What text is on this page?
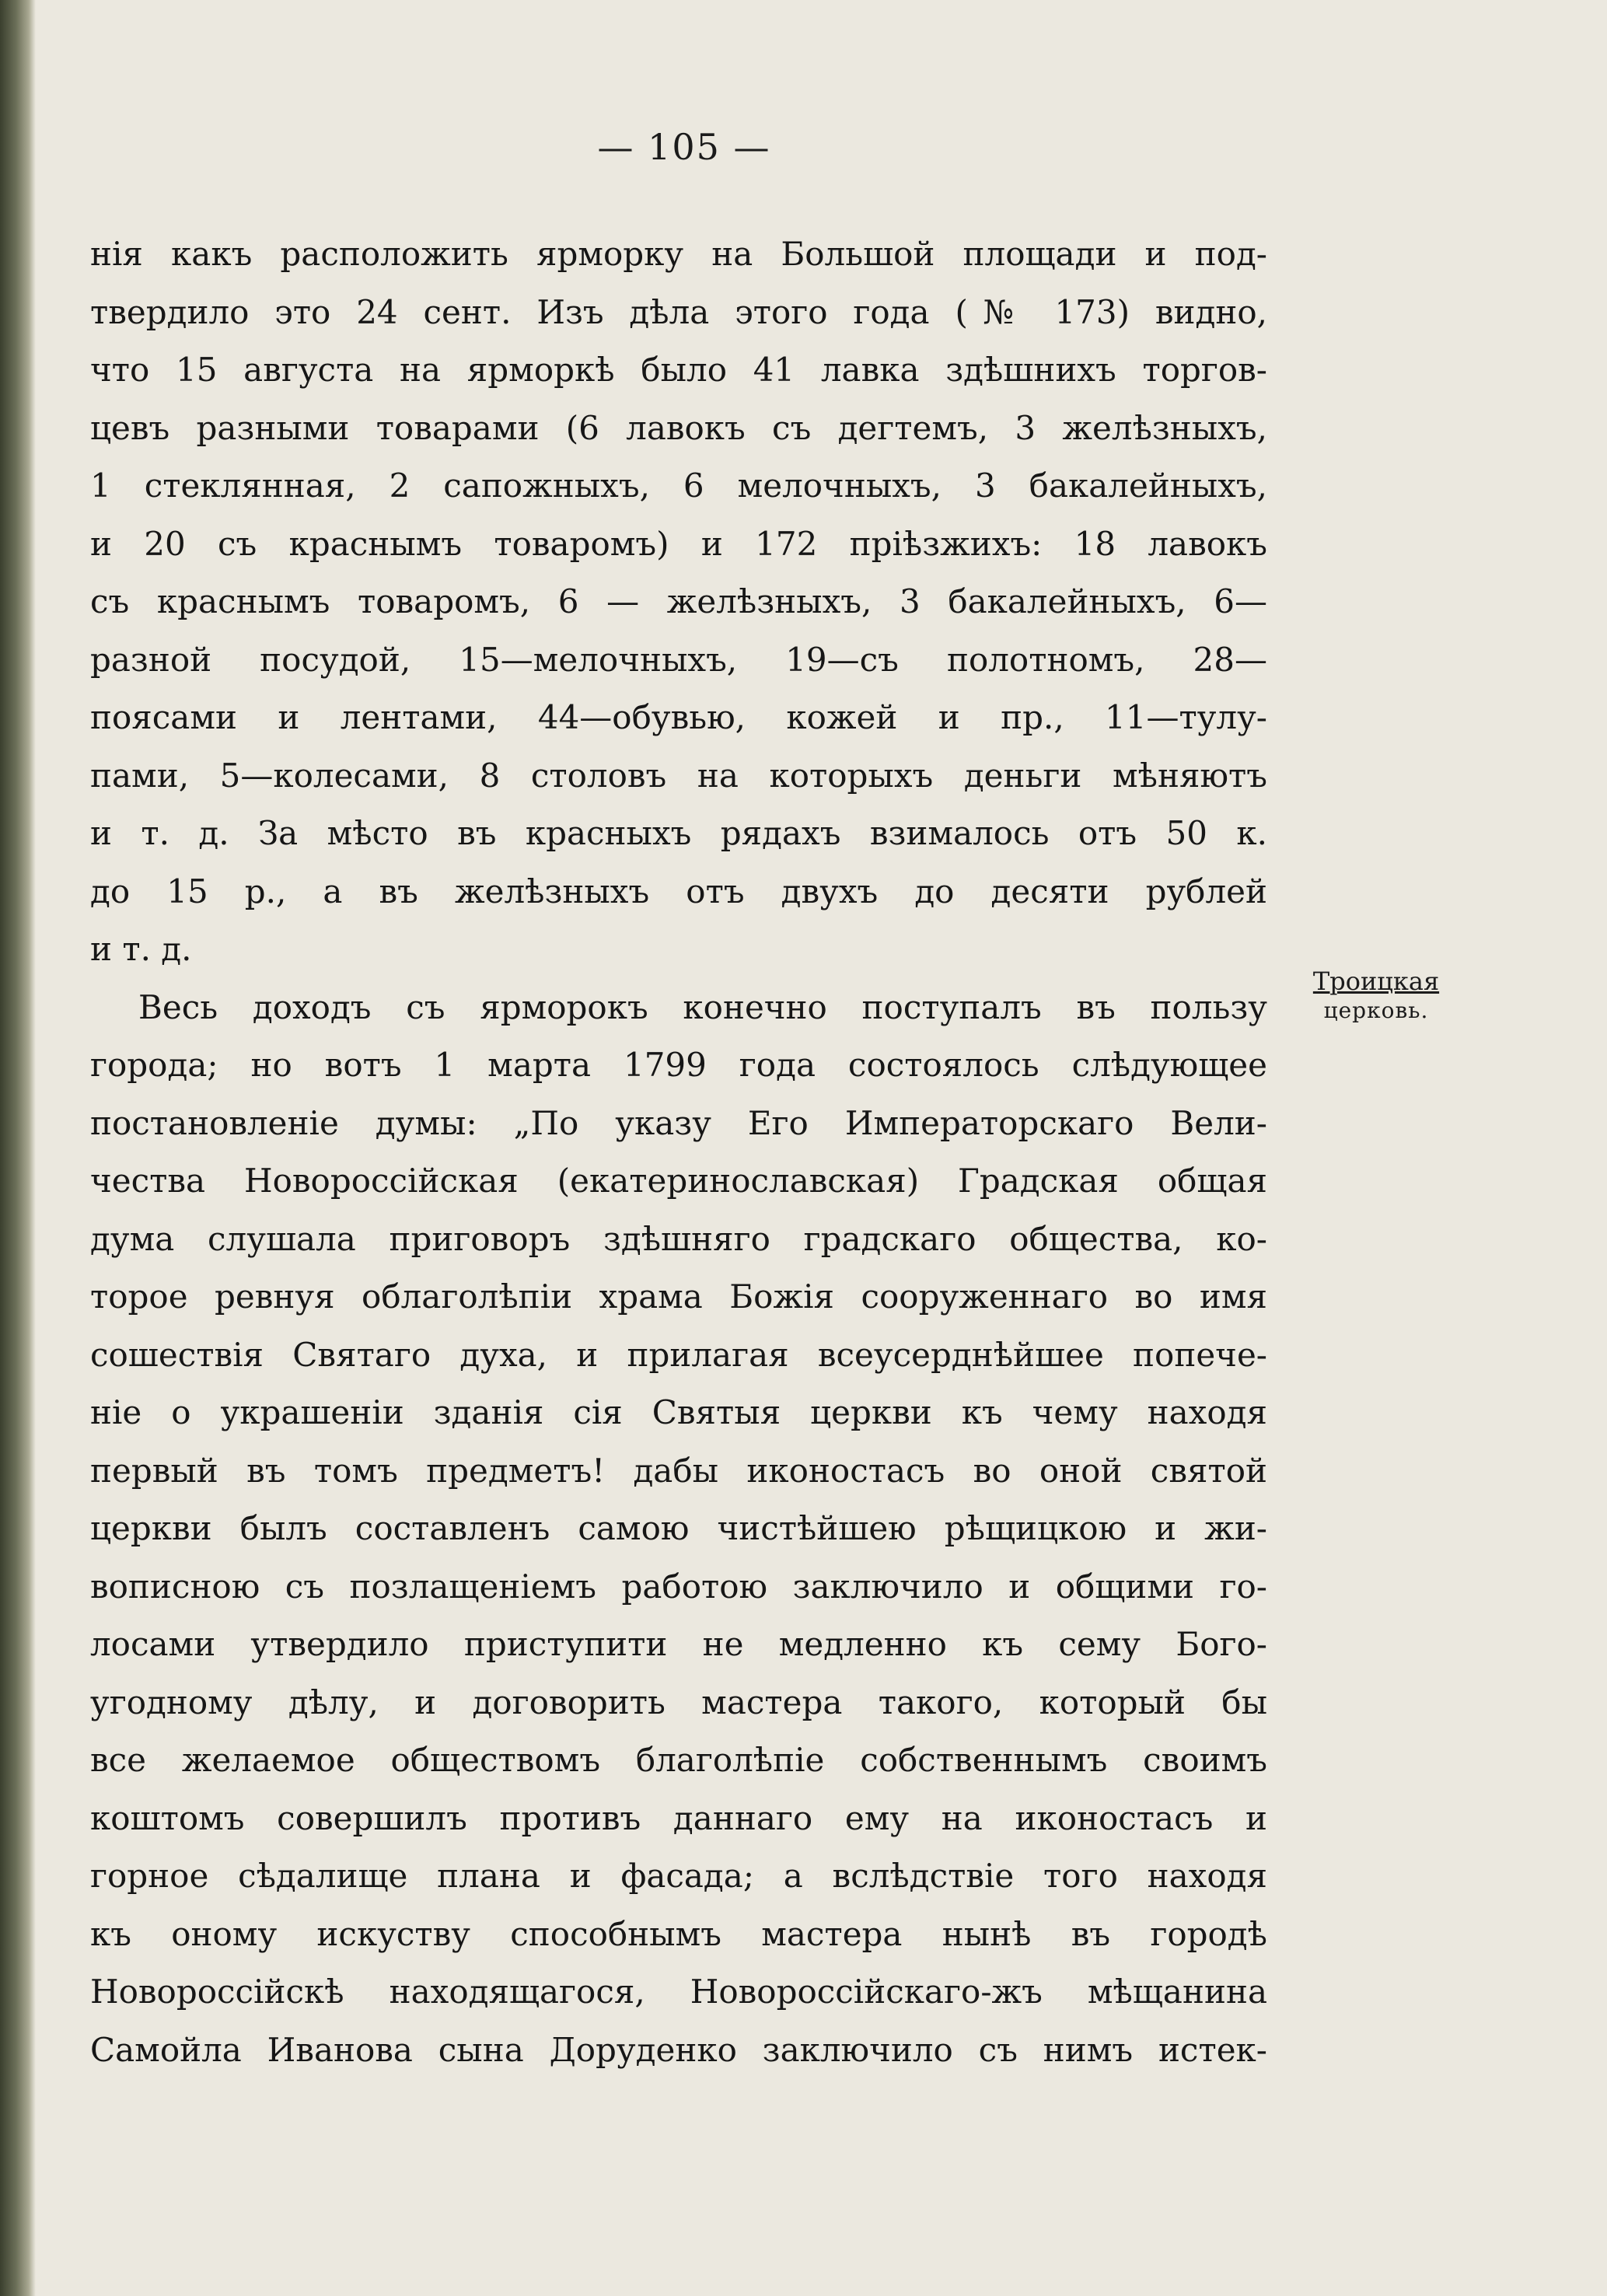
— 105 —
Троицкая
церковь.
нія какъ расположить ярморку на Большой площади и под-
твердило это 24 сент. Изъ дѣла этого года (№ 173) видно,
что 15 августа на ярморкѣ было 41 лавка здѣшнихъ торгов-
цевъ разными товарами (6 лавокъ съ дегтемъ, 3 желѣзныхъ,
1 стеклянная, 2 сапожныхъ, 6 мелочныхъ, 3 бакалейныхъ,
и 20 съ краснымъ товаромъ) и 172 пріѣзжихъ: 18 лавокъ
съ краснымъ товаромъ, 6 — желѣзныхъ, 3 бакалейныхъ, 6—
разной посудой, 15—мелочныхъ, 19—съ полотномъ, 28—
поясами и лентами, 44—обувью, кожей и пр., 11—тулу-
пами, 5—колесами, 8 столовъ на которыхъ деньги мѣняютъ
и т. д. За мѣсто въ красныхъ рядахъ взималось отъ 50 к.
до 15 р., а въ желѣзныхъ отъ двухъ до десяти рублей
и т. д.
Весь доходъ съ ярморокъ конечно поступалъ въ пользу
города; но вотъ 1 марта 1799 года состоялось слѣдующее
постановленіе думы: „По указу Его Императорскаго Вели-
чества Новороссійская (екатеринославская) Градская общая
дума слушала приговоръ здѣшняго градскаго общества, ко-
торое ревнуя облаголѣпіи храма Божія сооруженнаго во имя
сошествія Святаго духа, и прилагая всеусерднѣйшее попече-
ніе о украшеніи зданія сія Святыя церкви къ чему находя
первый въ томъ предметъ! дабы иконостасъ во оной святой
церкви былъ составленъ самою чистѣйшею рѣщицкою и жи-
вописною съ позлащеніемъ работою заключило и общими го-
лосами утвердило приступити не медленно къ сему Бого-
угодному дѣлу, и договорить мастера такого, который бы
все желаемое обществомъ благолѣпіе собственнымъ своимъ
коштомъ совершилъ противъ даннаго ему на иконостасъ и
горное сѣдалище плана и фасада; а вслѣдствіе того находя
къ оному искуству способнымъ мастера нынѣ въ городѣ
Новороссійскѣ находящагося, Новороссійскаго-жъ мѣщанина
Самойла Иванова сына Доруденко заключило съ нимъ истек-
